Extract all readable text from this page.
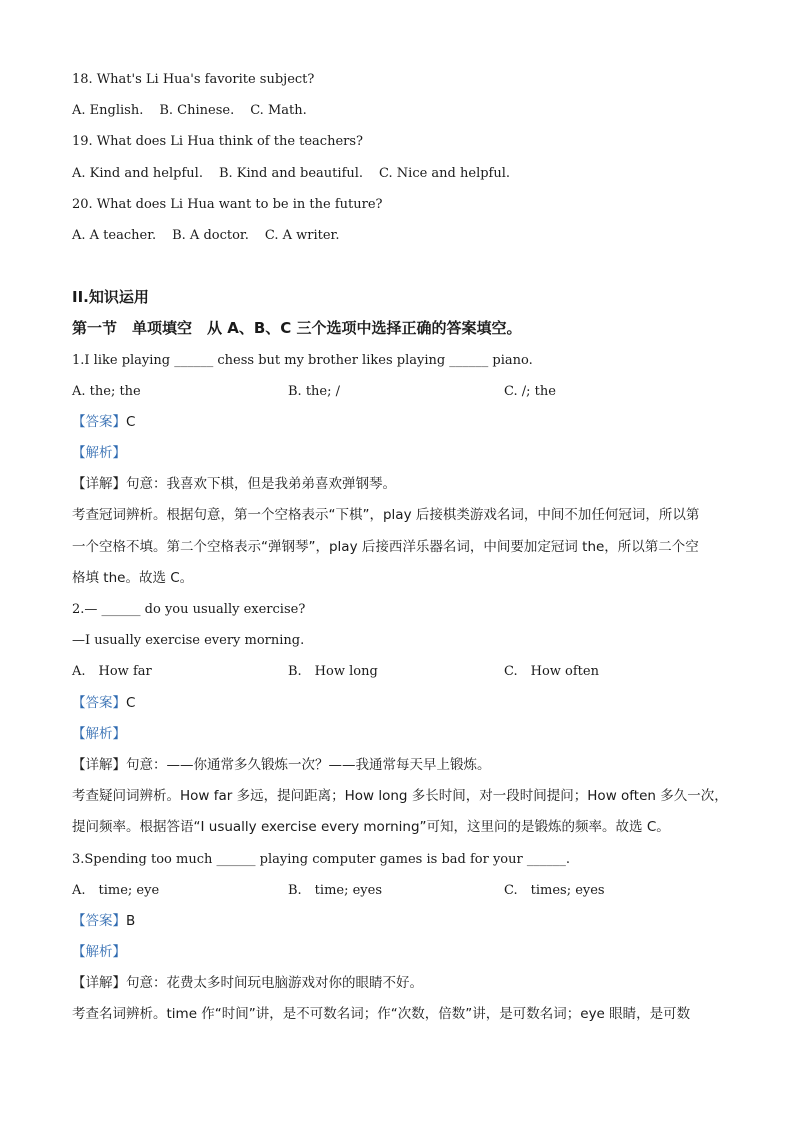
18. What's Li Hua's favorite subject?
A. English. B. Chinese. C. Math.
19. What does Li Hua think of the teachers?
A. Kind and helpful. B. Kind and beautiful. C. Nice and helpful.
20. What does Li Hua want to be in the future?
A. A teacher. B. A doctor. C. A writer.
II.知识运用
第一节　单项填空　从 A、B、C 三个选项中选择正确的答案填空。
1.I like playing ______ chess but my brother likes playing ______ piano.
A. the; the	B. the; /	C. /; the
【答案】C
【解析】
【详解】句意：我喜欢下棋，但是我弟弟喜欢弹钢琴。
考查冠词辨析。根据句意，第一个空格表示“下棋”，play 后接棋类游戏名词，中间不加任何冠词，所以第
一个空格不填。第二个空格表示“弹钢琴”，play 后接西洋乐器名词，中间要加定冠词 the，所以第二个空
格填 the。故选 C。
2.— ______ do you usually exercise?
—I usually exercise every morning.
A.　How far	B.　How long	C.　How often
【答案】C
【解析】
【详解】句意：——你通常多久锻炼一次？——我通常每天早上锻炼。
考查疑问词辨析。How far 多远，提问距离；How long 多长时间，对一段时间提问；How often 多久一次，
提问频率。根据答语“I usually exercise every morning”可知，这里问的是锻炼的频率。故选 C。
3.Spending too much ______ playing computer games is bad for your ______.
A.　time; eye	B.　time; eyes	C.　times; eyes
【答案】B
【解析】
【详解】句意：花费太多时间玩电脑游戏对你的眼睛不好。
考查名词辨析。time 作“时间”讲，是不可数名词；作“次数，倍数”讲，是可数名词；eye 眼睛，是可数
